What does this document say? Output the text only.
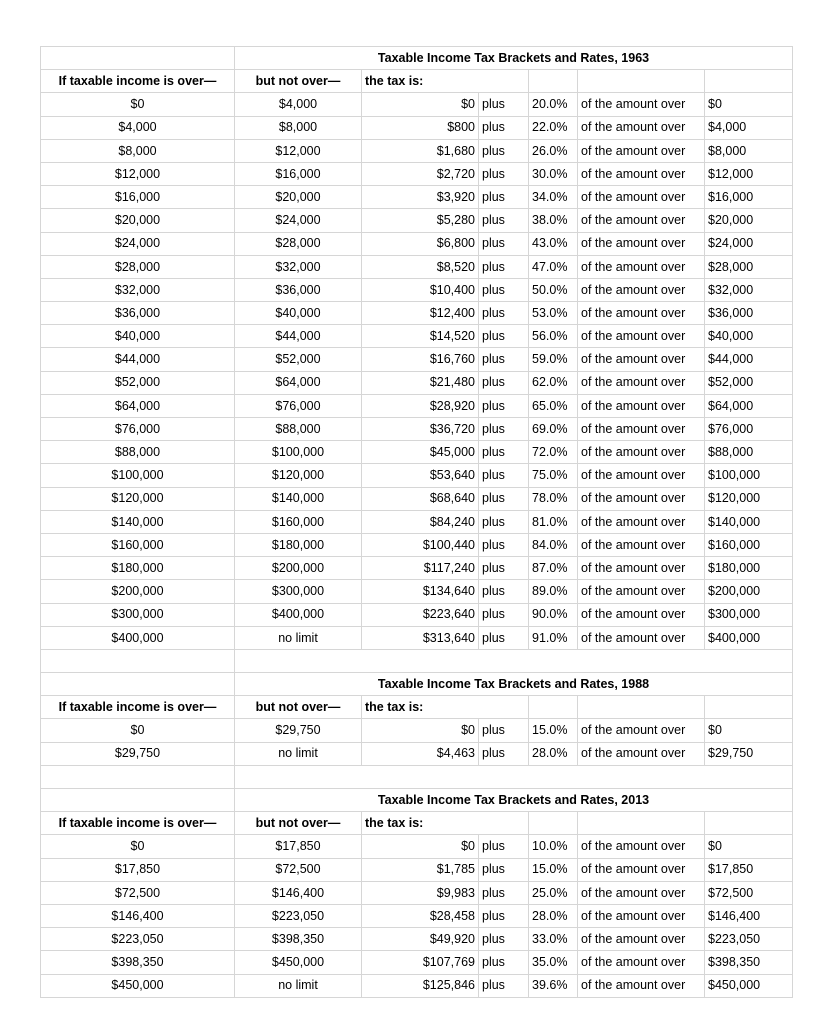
	Taxable Income Tax Brackets and Rates, 1963					
If taxable income is over—	but not over—	the tax is:				
$0	$4,000	$0	plus	20.0%	of the amount over	$0
$4,000	$8,000	$800	plus	22.0%	of the amount over	$4,000
$8,000	$12,000	$1,680	plus	26.0%	of the amount over	$8,000
$12,000	$16,000	$2,720	plus	30.0%	of the amount over	$12,000
$16,000	$20,000	$3,920	plus	34.0%	of the amount over	$16,000
$20,000	$24,000	$5,280	plus	38.0%	of the amount over	$20,000
$24,000	$28,000	$6,800	plus	43.0%	of the amount over	$24,000
$28,000	$32,000	$8,520	plus	47.0%	of the amount over	$28,000
$32,000	$36,000	$10,400	plus	50.0%	of the amount over	$32,000
$36,000	$40,000	$12,400	plus	53.0%	of the amount over	$36,000
$40,000	$44,000	$14,520	plus	56.0%	of the amount over	$40,000
$44,000	$52,000	$16,760	plus	59.0%	of the amount over	$44,000
$52,000	$64,000	$21,480	plus	62.0%	of the amount over	$52,000
$64,000	$76,000	$28,920	plus	65.0%	of the amount over	$64,000
$76,000	$88,000	$36,720	plus	69.0%	of the amount over	$76,000
$88,000	$100,000	$45,000	plus	72.0%	of the amount over	$88,000
$100,000	$120,000	$53,640	plus	75.0%	of the amount over	$100,000
$120,000	$140,000	$68,640	plus	78.0%	of the amount over	$120,000
$140,000	$160,000	$84,240	plus	81.0%	of the amount over	$140,000
$160,000	$180,000	$100,440	plus	84.0%	of the amount over	$160,000
$180,000	$200,000	$117,240	plus	87.0%	of the amount over	$180,000
$200,000	$300,000	$134,640	plus	89.0%	of the amount over	$200,000
$300,000	$400,000	$223,640	plus	90.0%	of the amount over	$300,000
$400,000	no limit	$313,640	plus	91.0%	of the amount over	$400,000

	Taxable Income Tax Brackets and Rates, 1988					
If taxable income is over—	but not over—	the tax is:				
$0	$29,750	$0	plus	15.0%	of the amount over	$0
$29,750	no limit	$4,463	plus	28.0%	of the amount over	$29,750

	Taxable Income Tax Brackets and Rates, 2013					
If taxable income is over—	but not over—	the tax is:				
$0	$17,850	$0	plus	10.0%	of the amount over	$0
$17,850	$72,500	$1,785	plus	15.0%	of the amount over	$17,850
$72,500	$146,400	$9,983	plus	25.0%	of the amount over	$72,500
$146,400	$223,050	$28,458	plus	28.0%	of the amount over	$146,400
$223,050	$398,350	$49,920	plus	33.0%	of the amount over	$223,050
$398,350	$450,000	$107,769	plus	35.0%	of the amount over	$398,350
$450,000	no limit	$125,846	plus	39.6%	of the amount over	$450,000
